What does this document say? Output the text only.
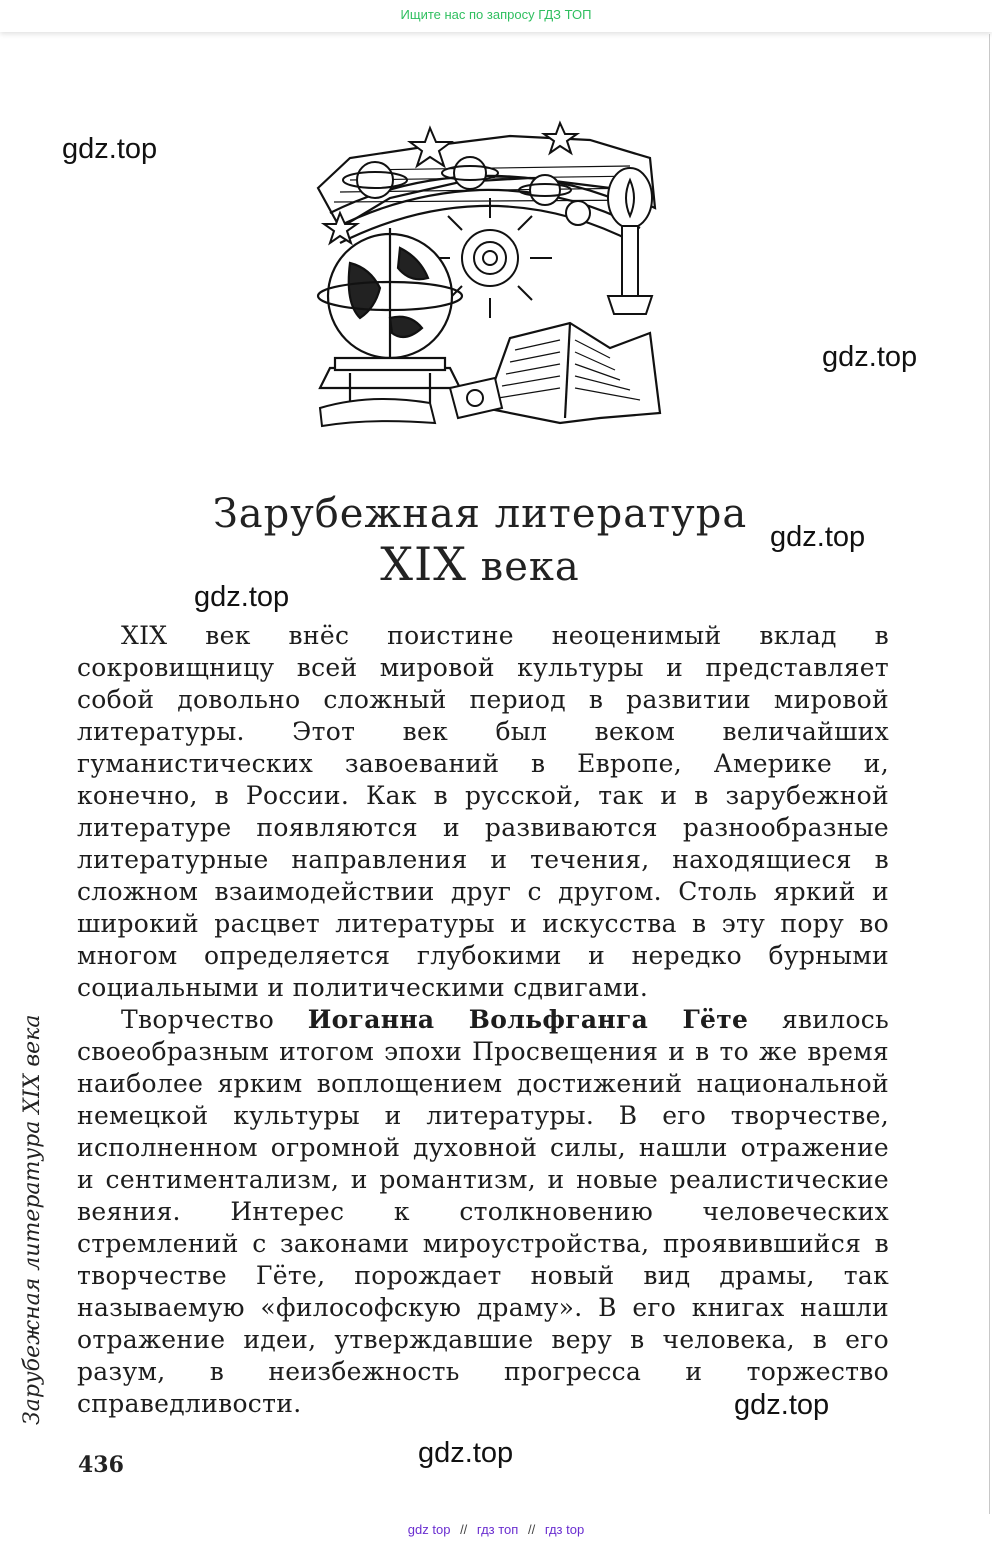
Ищите нас по запросу ГДЗ ТОП
Зарубежная литература
XIX века

XIX век внёс поистине неоценимый вклад в сокровищницу всей мировой культуры и представляет собой довольно сложный период в развитии мировой литературы. Этот век был веком величайших гуманистических завоеваний в Европе, Америке и, конечно, в России. Как в русской, так и в зарубежной литературе появляются и развиваются разнообразные литературные направления и течения, находящиеся в сложном взаимодействии друг с другом. Столь яркий и широкий расцвет литературы и искусства в эту пору во многом определяется глубокими и нередко бурными социальными и политическими сдвигами.

Творчество Иоганна Вольфганга Гёте явилось своеобразным итогом эпохи Просвещения и в то же время наиболее ярким воплощением достижений национальной немецкой культуры и литературы. В его творчестве, исполненном огромной духовной силы, нашли отражение и сентиментализм, и романтизм, и новые реалистические веяния. Интерес к столкновению человеческих стремлений с законами мироустройства, проявившийся в творчестве Гёте, порождает новый вид драмы, так называемую «философскую драму». В его книгах нашли отражение идеи, утверждавшие веру в человека, в его разум, в неизбежность прогресса и торжество справедливости.

Зарубежная литература XIX века
436
gdz.top
gdz.top
gdz.top
gdz.top
gdz.top
gdz.top
gdz top // гдз топ // гдз top
